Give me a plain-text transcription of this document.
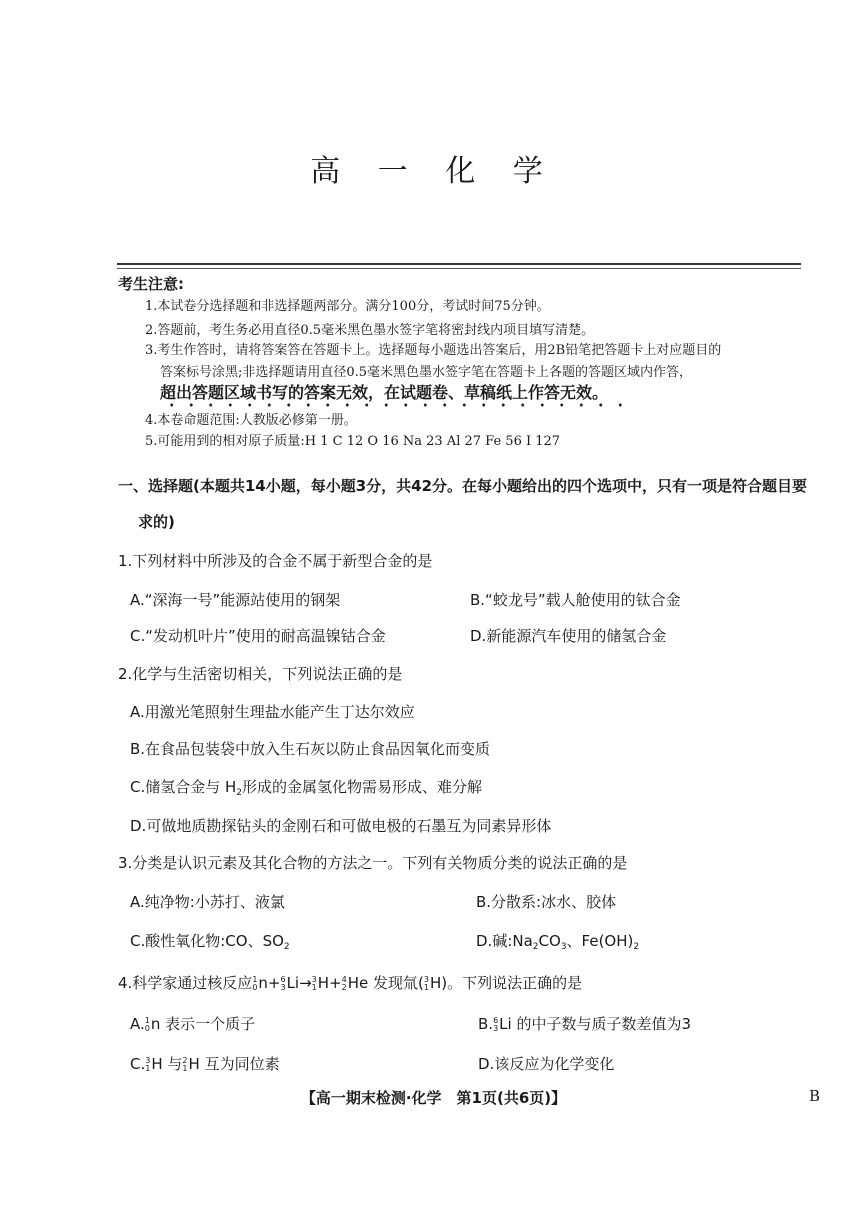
高 一 化 学
考生注意:
1.本试卷分选择题和非选择题两部分。满分100分，考试时间75分钟。
2.答题前，考生务必用直径0.5毫米黑色墨水签字笔将密封线内项目填写清楚。
3.考生作答时，请将答案答在答题卡上。选择题每小题选出答案后，用2B铅笔把答题卡上对应题目的
答案标号涂黑;非选择题请用直径0.5毫米黑色墨水签字笔在答题卡上各题的答题区域内作答，
超出答题区域书写的答案无效，在试题卷、草稿纸上作答无效。
4.本卷命题范围:人教版必修第一册。
5.可能用到的相对原子质量:H 1 C 12 O 16 Na 23 Al 27 Fe 56 I 127
一、选择题(本题共14小题，每小题3分，共42分。在每小题给出的四个选项中，只有一项是符合题目要
求的)
1.下列材料中所涉及的合金不属于新型合金的是
A.“深海一号”能源站使用的钢架	B.“蛟龙号”载人舱使用的钛合金
C.“发动机叶片”使用的耐高温镍钴合金	D.新能源汽车使用的储氢合金
2.化学与生活密切相关，下列说法正确的是
A.用激光笔照射生理盐水能产生丁达尔效应
B.在食品包装袋中放入生石灰以防止食品因氧化而变质
C.储氢合金与 $H_2$形成的金属氢化物需易形成、难分解
D.可做地质勘探钻头的金刚石和可做电极的石墨互为同素异形体
3.分类是认识元素及其化合物的方法之一。下列有关物质分类的说法正确的是
A.纯净物:小苏打、液氯	B.分散系:冰水、胶体
C.酸性氧化物:CO、$SO_2$	D.碱$:Na_2CO_3$、$Fe(OH)_2$
4.科学家通过核反应 1
0 n+ 6
3 Li→ 3
1 H+ 4
2 He 发现氚( 3
1 H)。下列说法正确的是
A. 1
0 n 表示一个质子	B. 6
3 Li 的中子数与质子数差值为3
C. 3
1 H 与 2
1 H 互为同位素	D.该反应为化学变化
【高一期末检测·化学　第1页(共6页)】	B
